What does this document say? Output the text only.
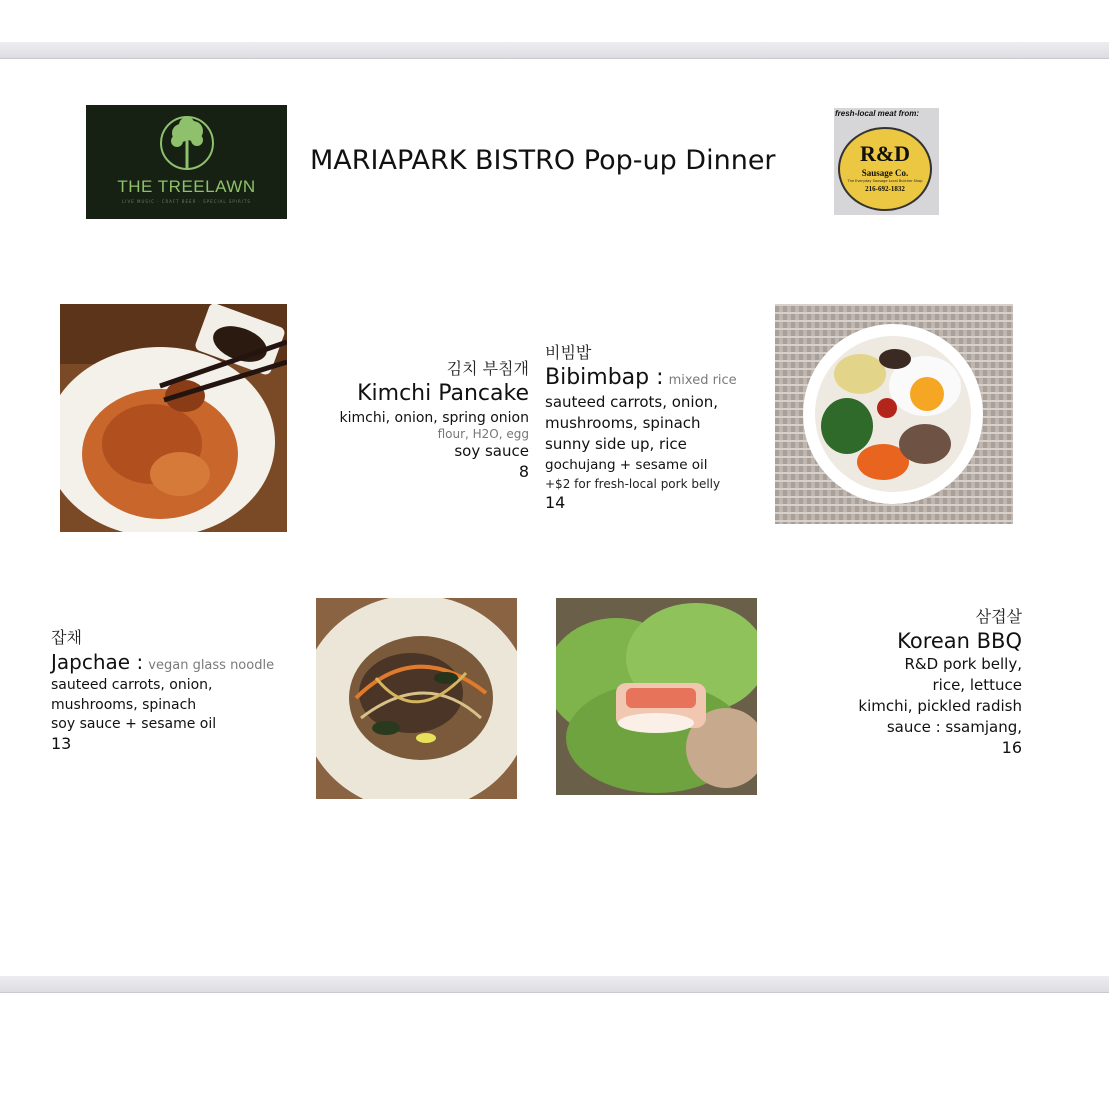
THE TREELAWN
LIVE MUSIC · CRAFT BEER · SPECIAL SPIRITS
MARIAPARK BISTRO Pop-up Dinner
fresh-local meat from:
R&D
Sausage Co.
The Everyday Sausage Local Butcher Shop
216-692-1832
김치 부침개
Kimchi Pancake
kimchi, onion, spring onion
flour, H2O, egg
soy sauce
8
비빔밥
Bibimbap : mixed rice
sauteed carrots, onion,
mushrooms, spinach
sunny side up, rice
gochujang + sesame oil
+$2 for fresh-local pork belly
14
잡채
Japchae : vegan glass noodle
sauteed carrots, onion,
mushrooms, spinach
soy sauce + sesame oil
13
삼겹살
Korean BBQ
R&D pork belly,
rice, lettuce
kimchi, pickled radish
sauce : ssamjang,
16
